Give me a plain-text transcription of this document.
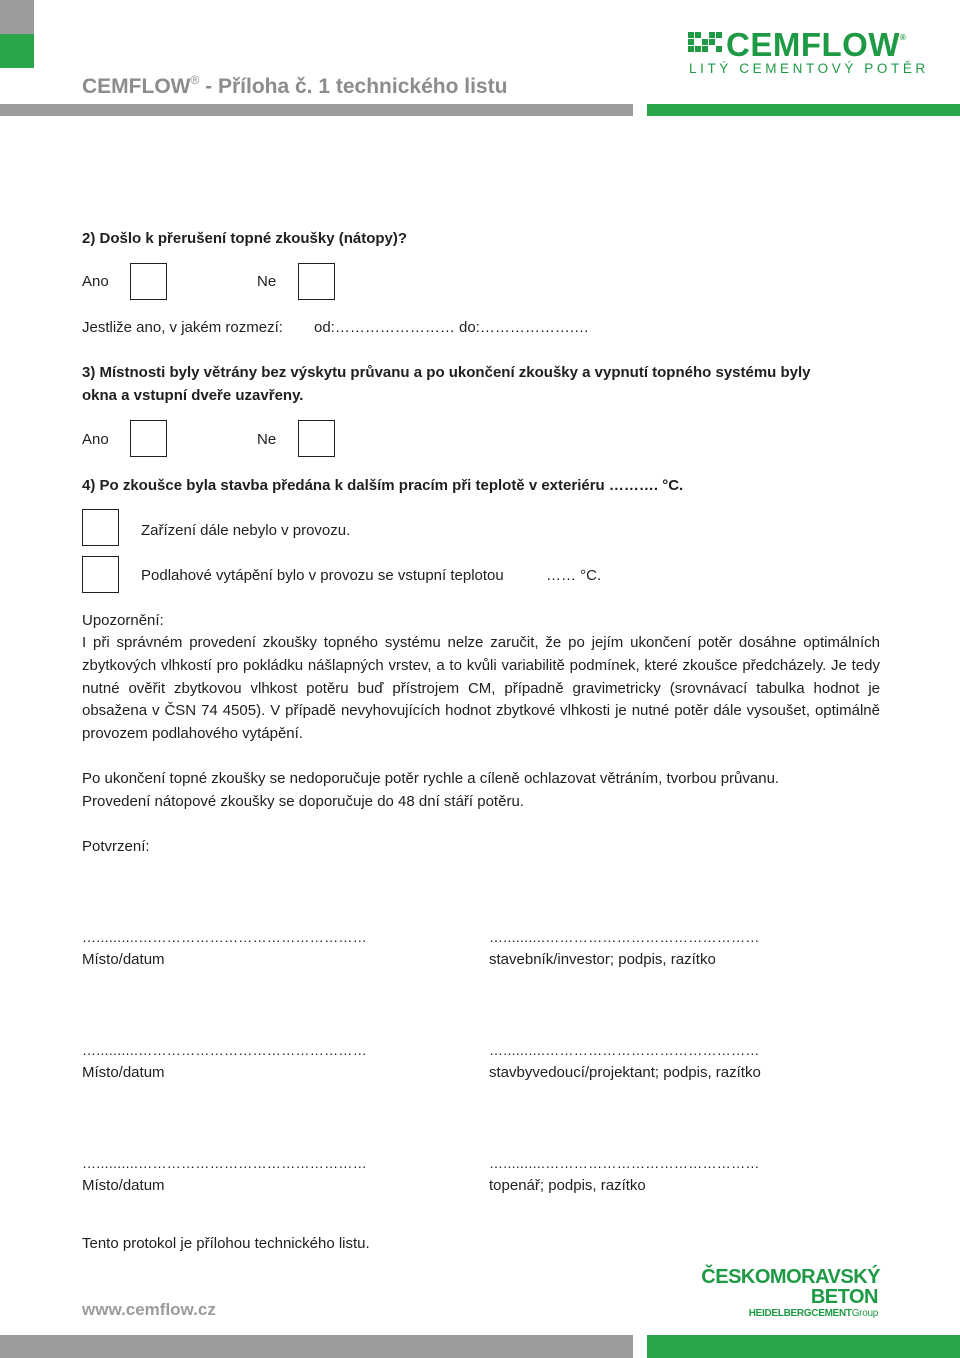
CEMFLOW® - Příloha č. 1 technického listu
CEMFLOW®
LITÝ CEMENTOVÝ POTĚR
2) Došlo k přerušení topné zkoušky (nátopy)?
Ano	Ne
Jestliže ano, v jakém rozmezí: od:…………………… do:……………….…
3) Místnosti byly větrány bez výskytu průvanu a po ukončení zkoušky a vypnutí topného systému byly
okna a vstupní dveře uzavřeny.
Ano	Ne
4) Po zkoušce byla stavba předána k dalším pracím při teplotě v exteriéru ………. °C.
Zařízení dále nebylo v provozu.
Podlahové vytápění bylo v provozu se vstupní teplotou	…… °C.
Upozornění:
I při správném provedení zkoušky topného systému nelze zaručit, že po jejím ukončení potěr dosáhne optimálních zbytkových vlhkostí pro pokládku nášlapných vrstev, a to kvůli variabilitě podmínek, které zkoušce předcházely. Je tedy nutné ověřit zbytkovou vlhkost potěru buď přístrojem CM, případně gravimetricky (srovnávací tabulka hodnot je obsažena v ČSN 74 4505). V případě nevyhovujících hodnot zbytkové vlhkosti je nutné potěr dále vysoušet, optimálně provozem podlahového vytápění.
Po ukončení topné zkoušky se nedoporučuje potěr rychle a cíleně ochlazovat větráním, tvorbou průvanu.
Provedení nátopové zkoušky se doporučuje do 48 dní stáří potěru.
Potvrzení:
…..........…………………………………………
Místo/datum
…..........………………………………………
stavebník/investor; podpis, razítko
…..........…………………………………………
Místo/datum
…..........………………………………………
stavbyvedoucí/projektant; podpis, razítko
…..........…………………………………………
Místo/datum
…..........………………………………………
topenář; podpis, razítko
Tento protokol je přílohou technického listu.
www.cemflow.cz
ČESKOMORAVSKÝ
BETON
HEIDELBERGCEMENTGroup
